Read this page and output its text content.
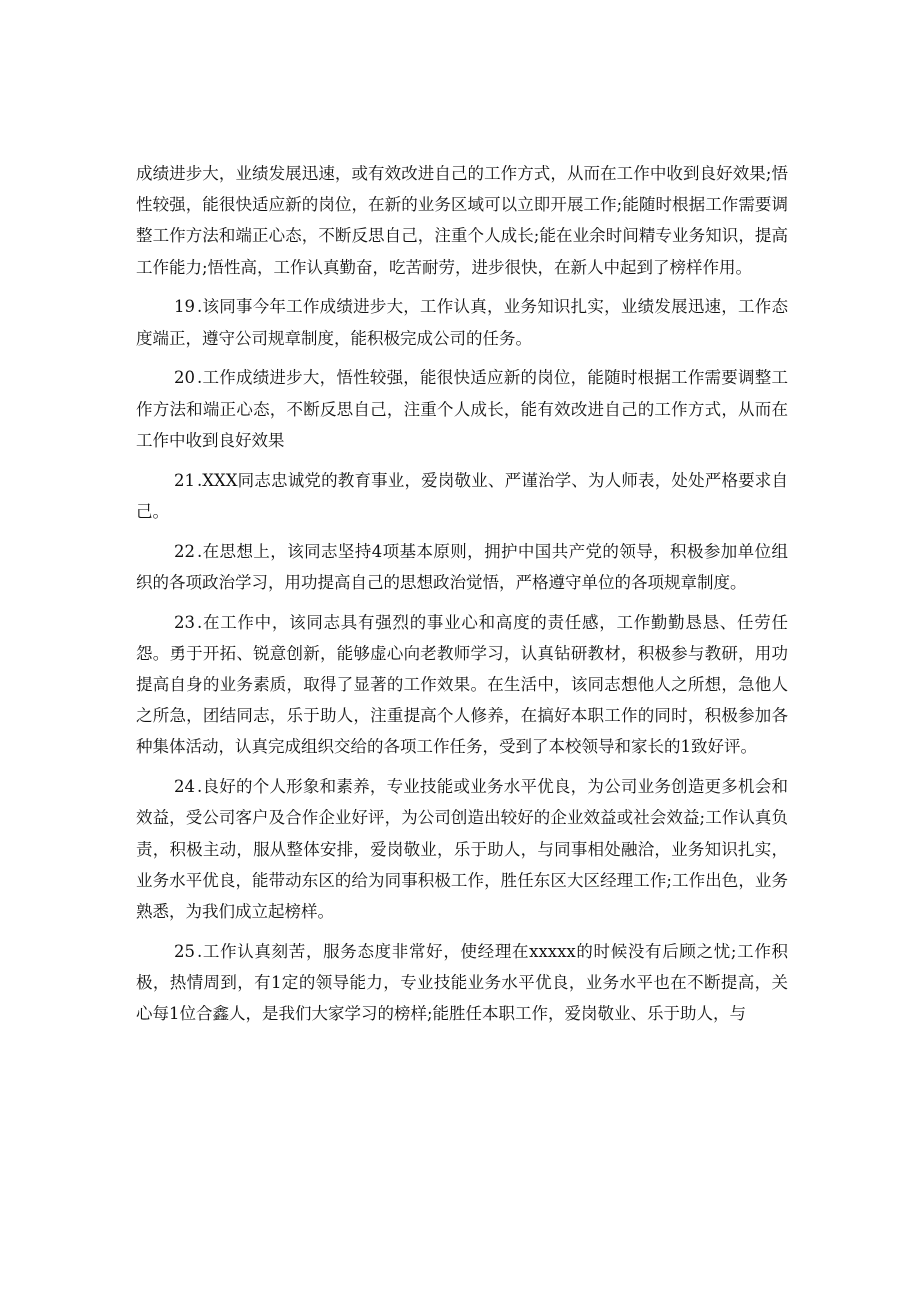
成绩进步大，业绩发展迅速，或有效改进自己的工作方式，从而在工作中收到良好效果;悟性较强，能很快适应新的岗位，在新的业务区域可以立即开展工作;能随时根据工作需要调整工作方法和端正心态，不断反思自己，注重个人成长;能在业余时间精专业务知识，提高工作能力;悟性高，工作认真勤奋，吃苦耐劳，进步很快，在新人中起到了榜样作用。

19 .该同事今年工作成绩进步大，工作认真，业务知识扎实，业绩发展迅速，工作态度端正，遵守公司规章制度，能积极完成公司的任务。

20 .工作成绩进步大，悟性较强，能很快适应新的岗位，能随时根据工作需要调整工作方法和端正心态，不断反思自己，注重个人成长，能有效改进自己的工作方式，从而在工作中收到良好效果

21 .XXX同志忠诚党的教育事业，爱岗敬业、严谨治学、为人师表，处处严格要求自己。

22 .在思想上，该同志坚持4项基本原则，拥护中国共产党的领导，积极参加单位组织的各项政治学习，用功提高自己的思想政治觉悟，严格遵守单位的各项规章制度。

23 .在工作中，该同志具有强烈的事业心和高度的责任感，工作勤勤恳恳、任劳任怨。勇于开拓、锐意创新，能够虚心向老教师学习，认真钻研教材，积极参与教研，用功提高自身的业务素质，取得了显著的工作效果。在生活中，该同志想他人之所想，急他人之所急，团结同志，乐于助人，注重提高个人修养，在搞好本职工作的同时，积极参加各种集体活动，认真完成组织交给的各项工作任务，受到了本校领导和家长的1致好评。

24 .良好的个人形象和素养，专业技能或业务水平优良，为公司业务创造更多机会和效益，受公司客户及合作企业好评，为公司创造出较好的企业效益或社会效益;工作认真负责，积极主动，服从整体安排，爱岗敬业，乐于助人，与同事相处融洽，业务知识扎实，业务水平优良，能带动东区的给为同事积极工作，胜任东区大区经理工作;工作出色，业务熟悉，为我们成立起榜样。

25 .工作认真刻苦，服务态度非常好，使经理在xxxxx的时候没有后顾之忧;工作积极，热情周到，有1定的领导能力，专业技能业务水平优良，业务水平也在不断提高，关心每1位合鑫人，是我们大家学习的榜样;能胜任本职工作，爱岗敬业、乐于助人，与
